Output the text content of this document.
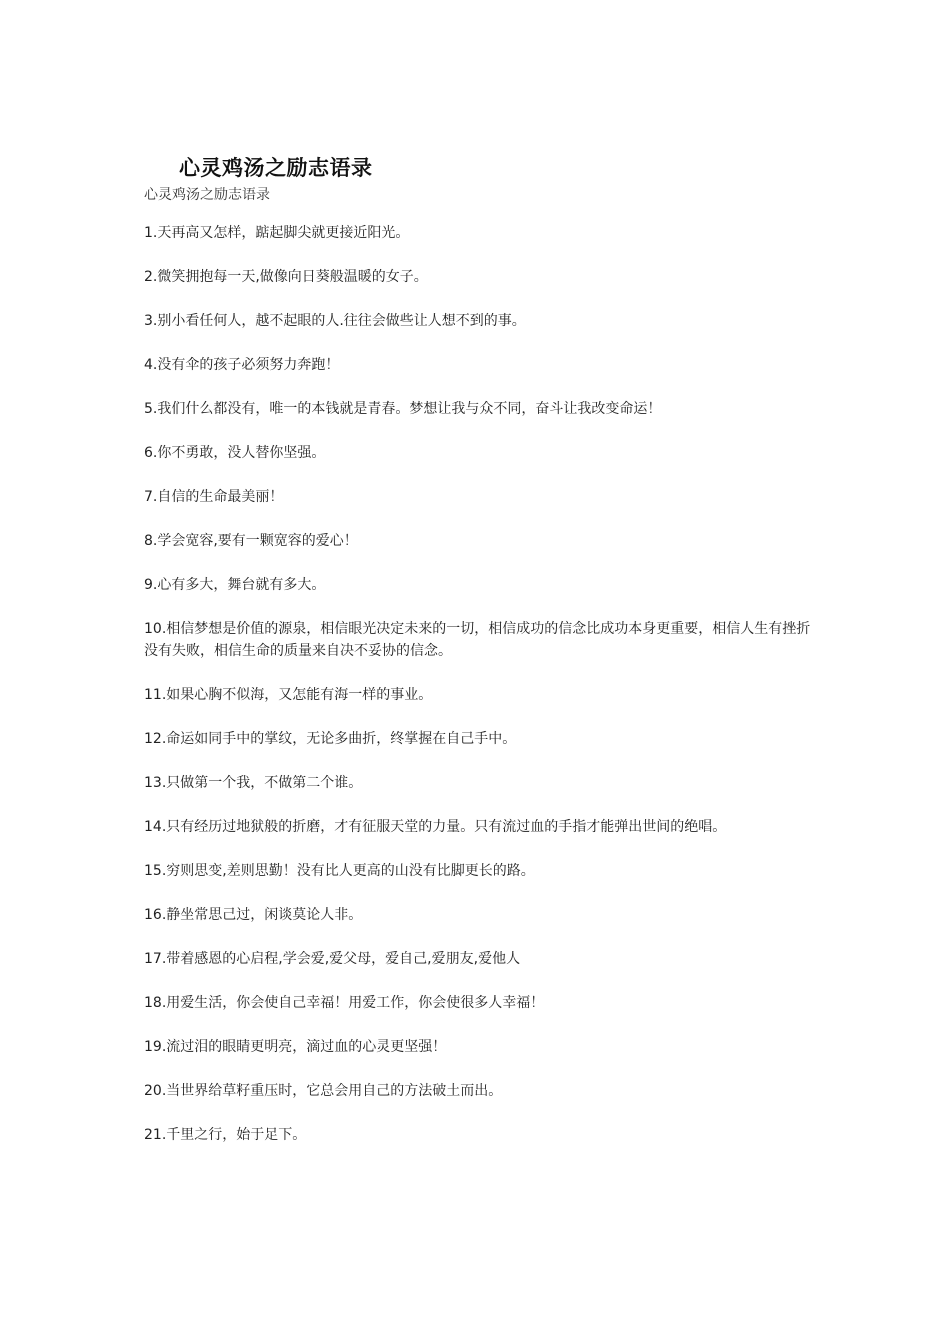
心灵鸡汤之励志语录

心灵鸡汤之励志语录

1.天再高又怎样，踮起脚尖就更接近阳光。
2.微笑拥抱每一天,做像向日葵般温暖的女子。
3.别小看任何人，越不起眼的人.往往会做些让人想不到的事。
4.没有伞的孩子必须努力奔跑！
5.我们什么都没有，唯一的本钱就是青春。梦想让我与众不同，奋斗让我改变命运！
6.你不勇敢，没人替你坚强。
7.自信的生命最美丽！
8.学会宽容,要有一颗宽容的爱心！
9.心有多大，舞台就有多大。
10.相信梦想是价值的源泉，相信眼光决定未来的一切，相信成功的信念比成功本身更重要，相信人生有挫折没有失败，相信生命的质量来自决不妥协的信念。
11.如果心胸不似海，又怎能有海一样的事业。
12.命运如同手中的掌纹，无论多曲折，终掌握在自己手中。
13.只做第一个我，不做第二个谁。
14.只有经历过地狱般的折磨，才有征服天堂的力量。只有流过血的手指才能弹出世间的绝唱。
15.穷则思变,差则思勤！没有比人更高的山没有比脚更长的路。
16.静坐常思己过，闲谈莫论人非。
17.带着感恩的心启程,学会爱,爱父母，爱自己,爱朋友,爱他人
18.用爱生活，你会使自己幸福！用爱工作，你会使很多人幸福！
19.流过泪的眼睛更明亮，滴过血的心灵更坚强！
20.当世界给草籽重压时，它总会用自己的方法破土而出。
21.千里之行，始于足下。
